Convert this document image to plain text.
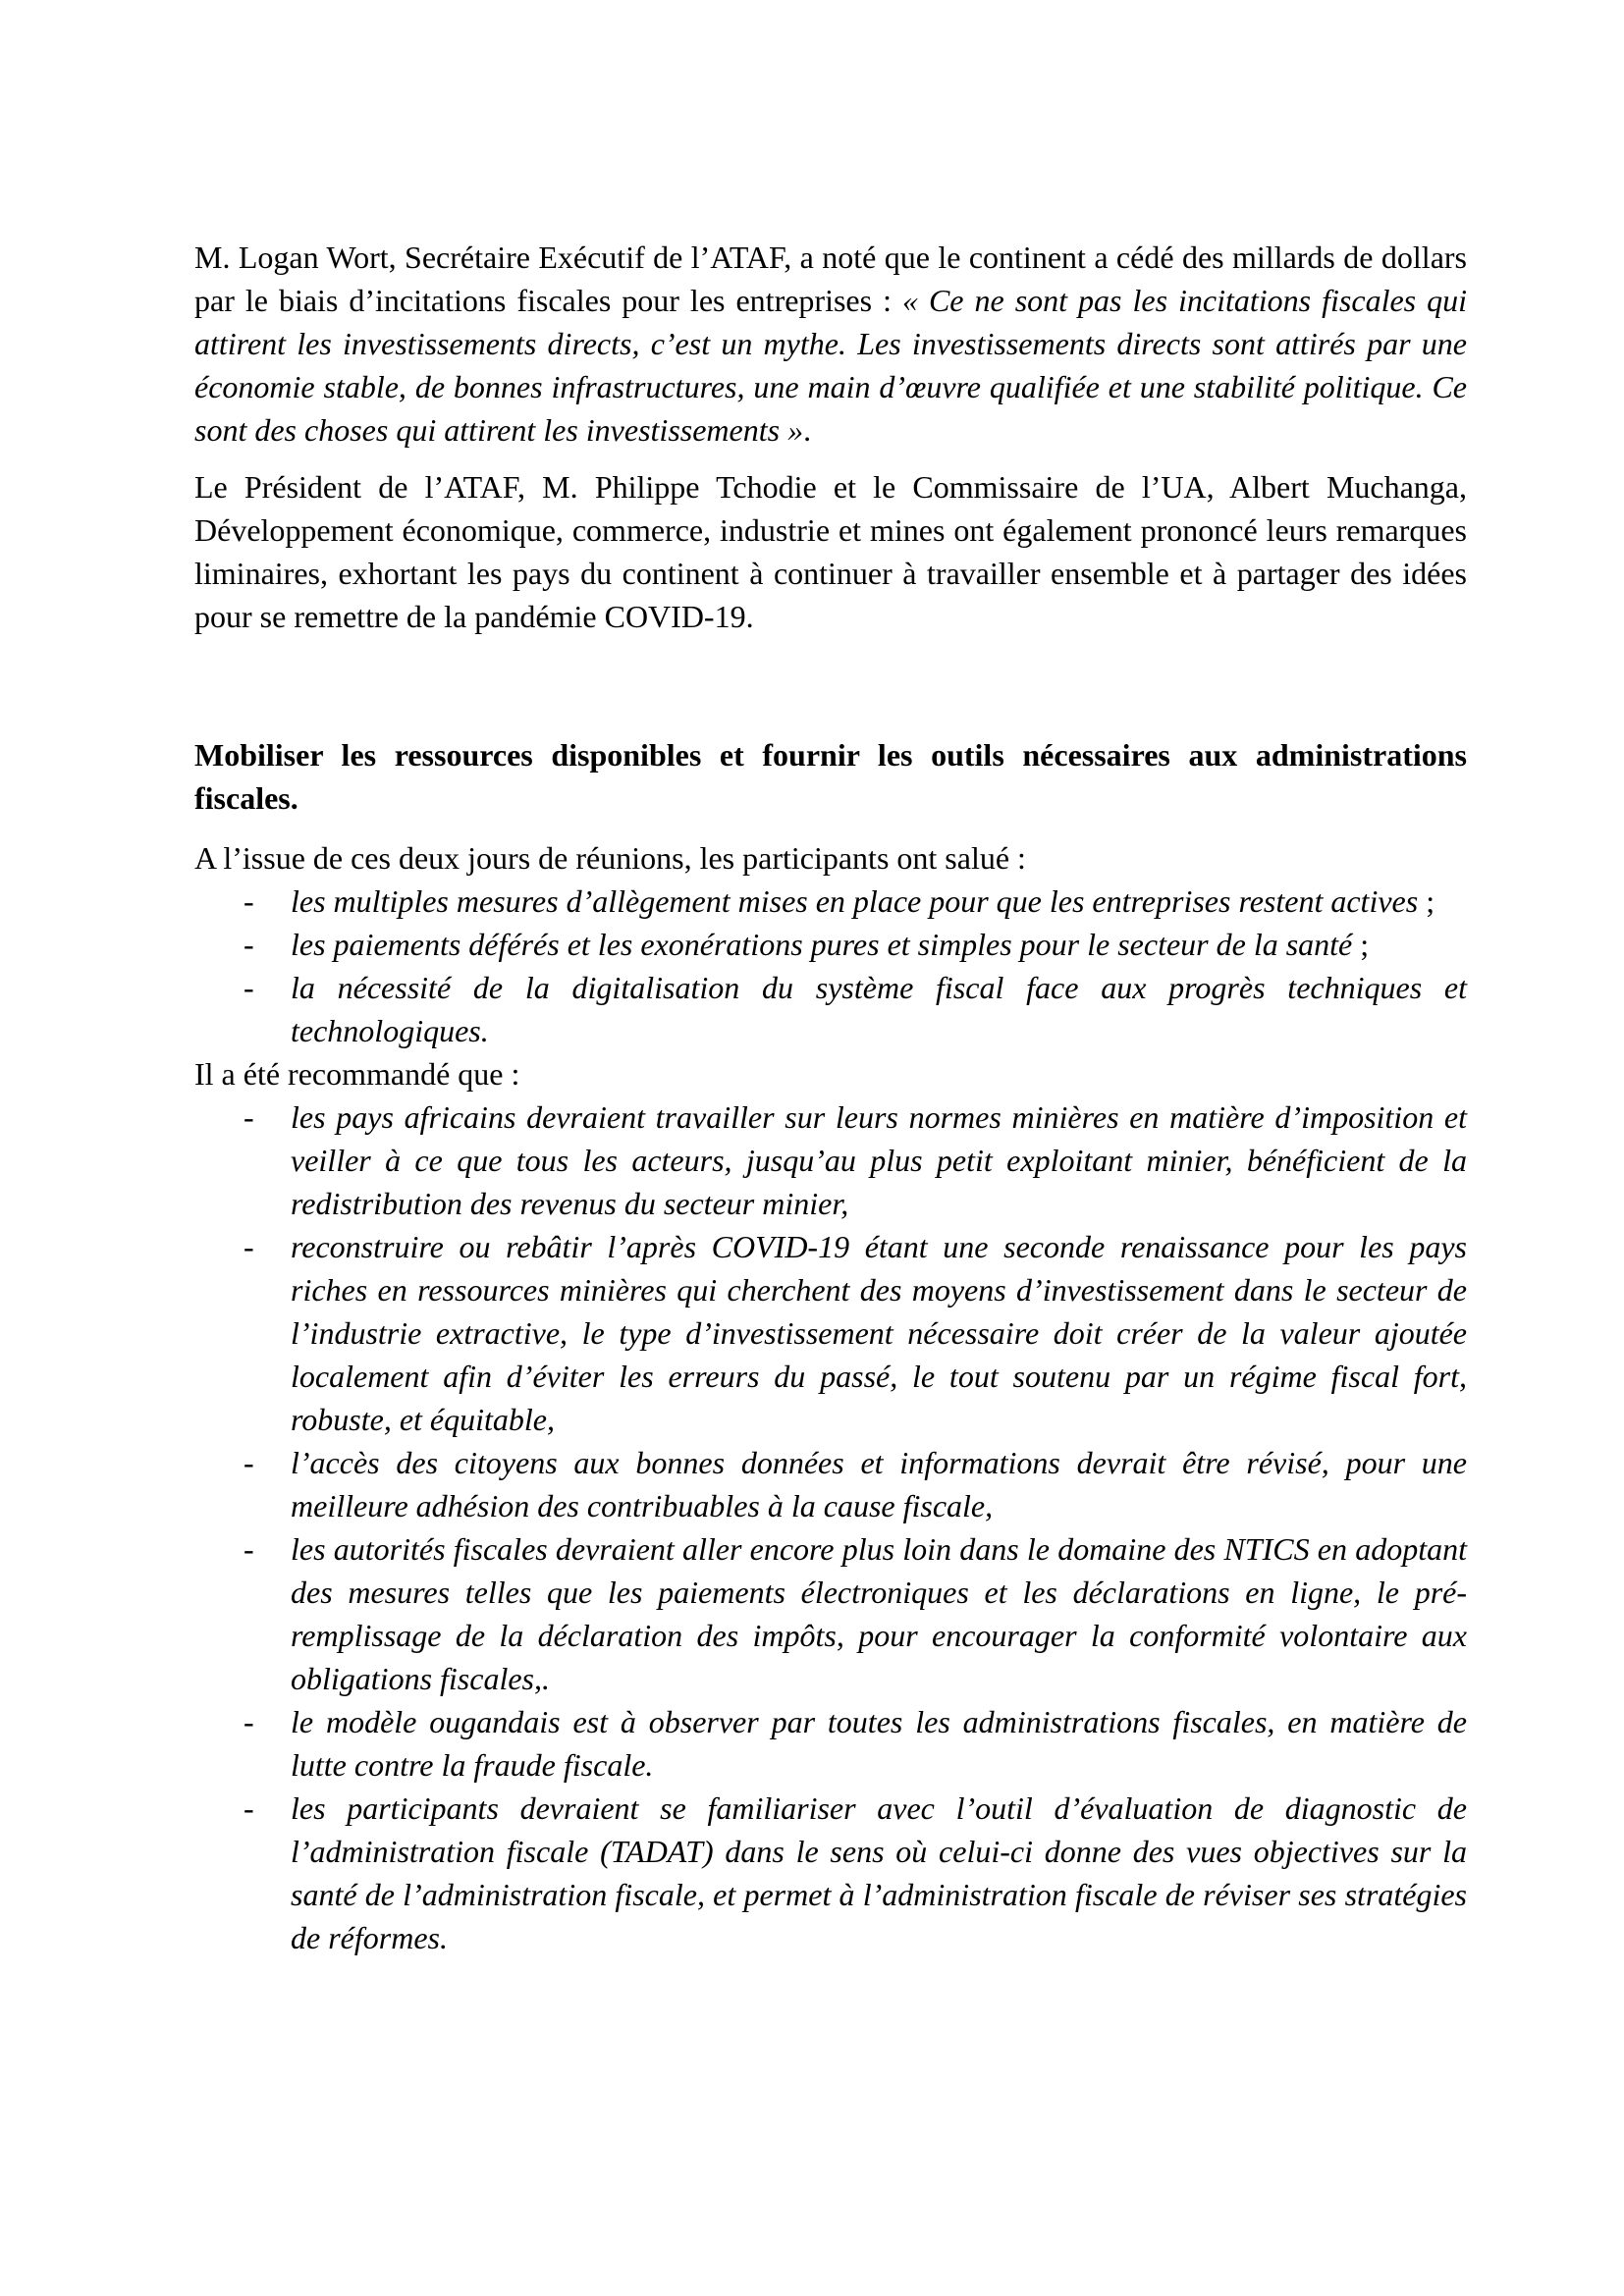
M. Logan Wort, Secrétaire Exécutif de l’ATAF, a noté que le continent a cédé des millards de dollars par le biais d’incitations fiscales pour les entreprises : « Ce ne sont pas les incitations fiscales qui attirent les investissements directs, c’est un mythe. Les investissements directs sont attirés par une économie stable, de bonnes infrastructures, une main d’œuvre qualifiée et une stabilité politique. Ce sont des choses qui attirent les investissements ».

Le Président de l’ATAF, M. Philippe Tchodie et le Commissaire de l’UA, Albert Muchanga, Développement économique, commerce, industrie et mines ont également prononcé leurs remarques liminaires, exhortant les pays du continent à continuer à travailler ensemble et à partager des idées pour se remettre de la pandémie COVID-19.

Mobiliser les ressources disponibles et fournir les outils nécessaires aux administrations fiscales.

A l’issue de ces deux jours de réunions, les participants ont salué :

- les multiples mesures d’allègement mises en place pour que les entreprises restent actives ;
- les paiements déférés et les exonérations pures et simples pour le secteur de la santé ;
- la nécessité de la digitalisation du système fiscal face aux progrès techniques et technologiques.

Il a été recommandé que :

- les pays africains devraient travailler sur leurs normes minières en matière d’imposition et veiller à ce que tous les acteurs, jusqu’au plus petit exploitant minier, bénéficient de la redistribution des revenus du secteur minier,
- reconstruire ou rebâtir l’après COVID-19 étant une seconde renaissance pour les pays riches en ressources minières qui cherchent des moyens d’investissement dans le secteur de l’industrie extractive, le type d’investissement nécessaire doit créer de la valeur ajoutée localement afin d’éviter les erreurs du passé, le tout soutenu par un régime fiscal fort, robuste, et équitable,
- l’accès des citoyens aux bonnes données et informations devrait être révisé, pour une meilleure adhésion des contribuables à la cause fiscale,
- les autorités fiscales devraient aller encore plus loin dans le domaine des NTICS en adoptant des mesures telles que les paiements électroniques et les déclarations en ligne, le pré-remplissage de la déclaration des impôts, pour encourager la conformité volontaire aux obligations fiscales,.
- le modèle ougandais est à observer par toutes les administrations fiscales, en matière de lutte contre la fraude fiscale.
- les participants devraient se familiariser avec l’outil d’évaluation de diagnostic de l’administration fiscale (TADAT) dans le sens où celui-ci donne des vues objectives sur la santé de l’administration fiscale, et permet à l’administration fiscale de réviser ses stratégies de réformes.
